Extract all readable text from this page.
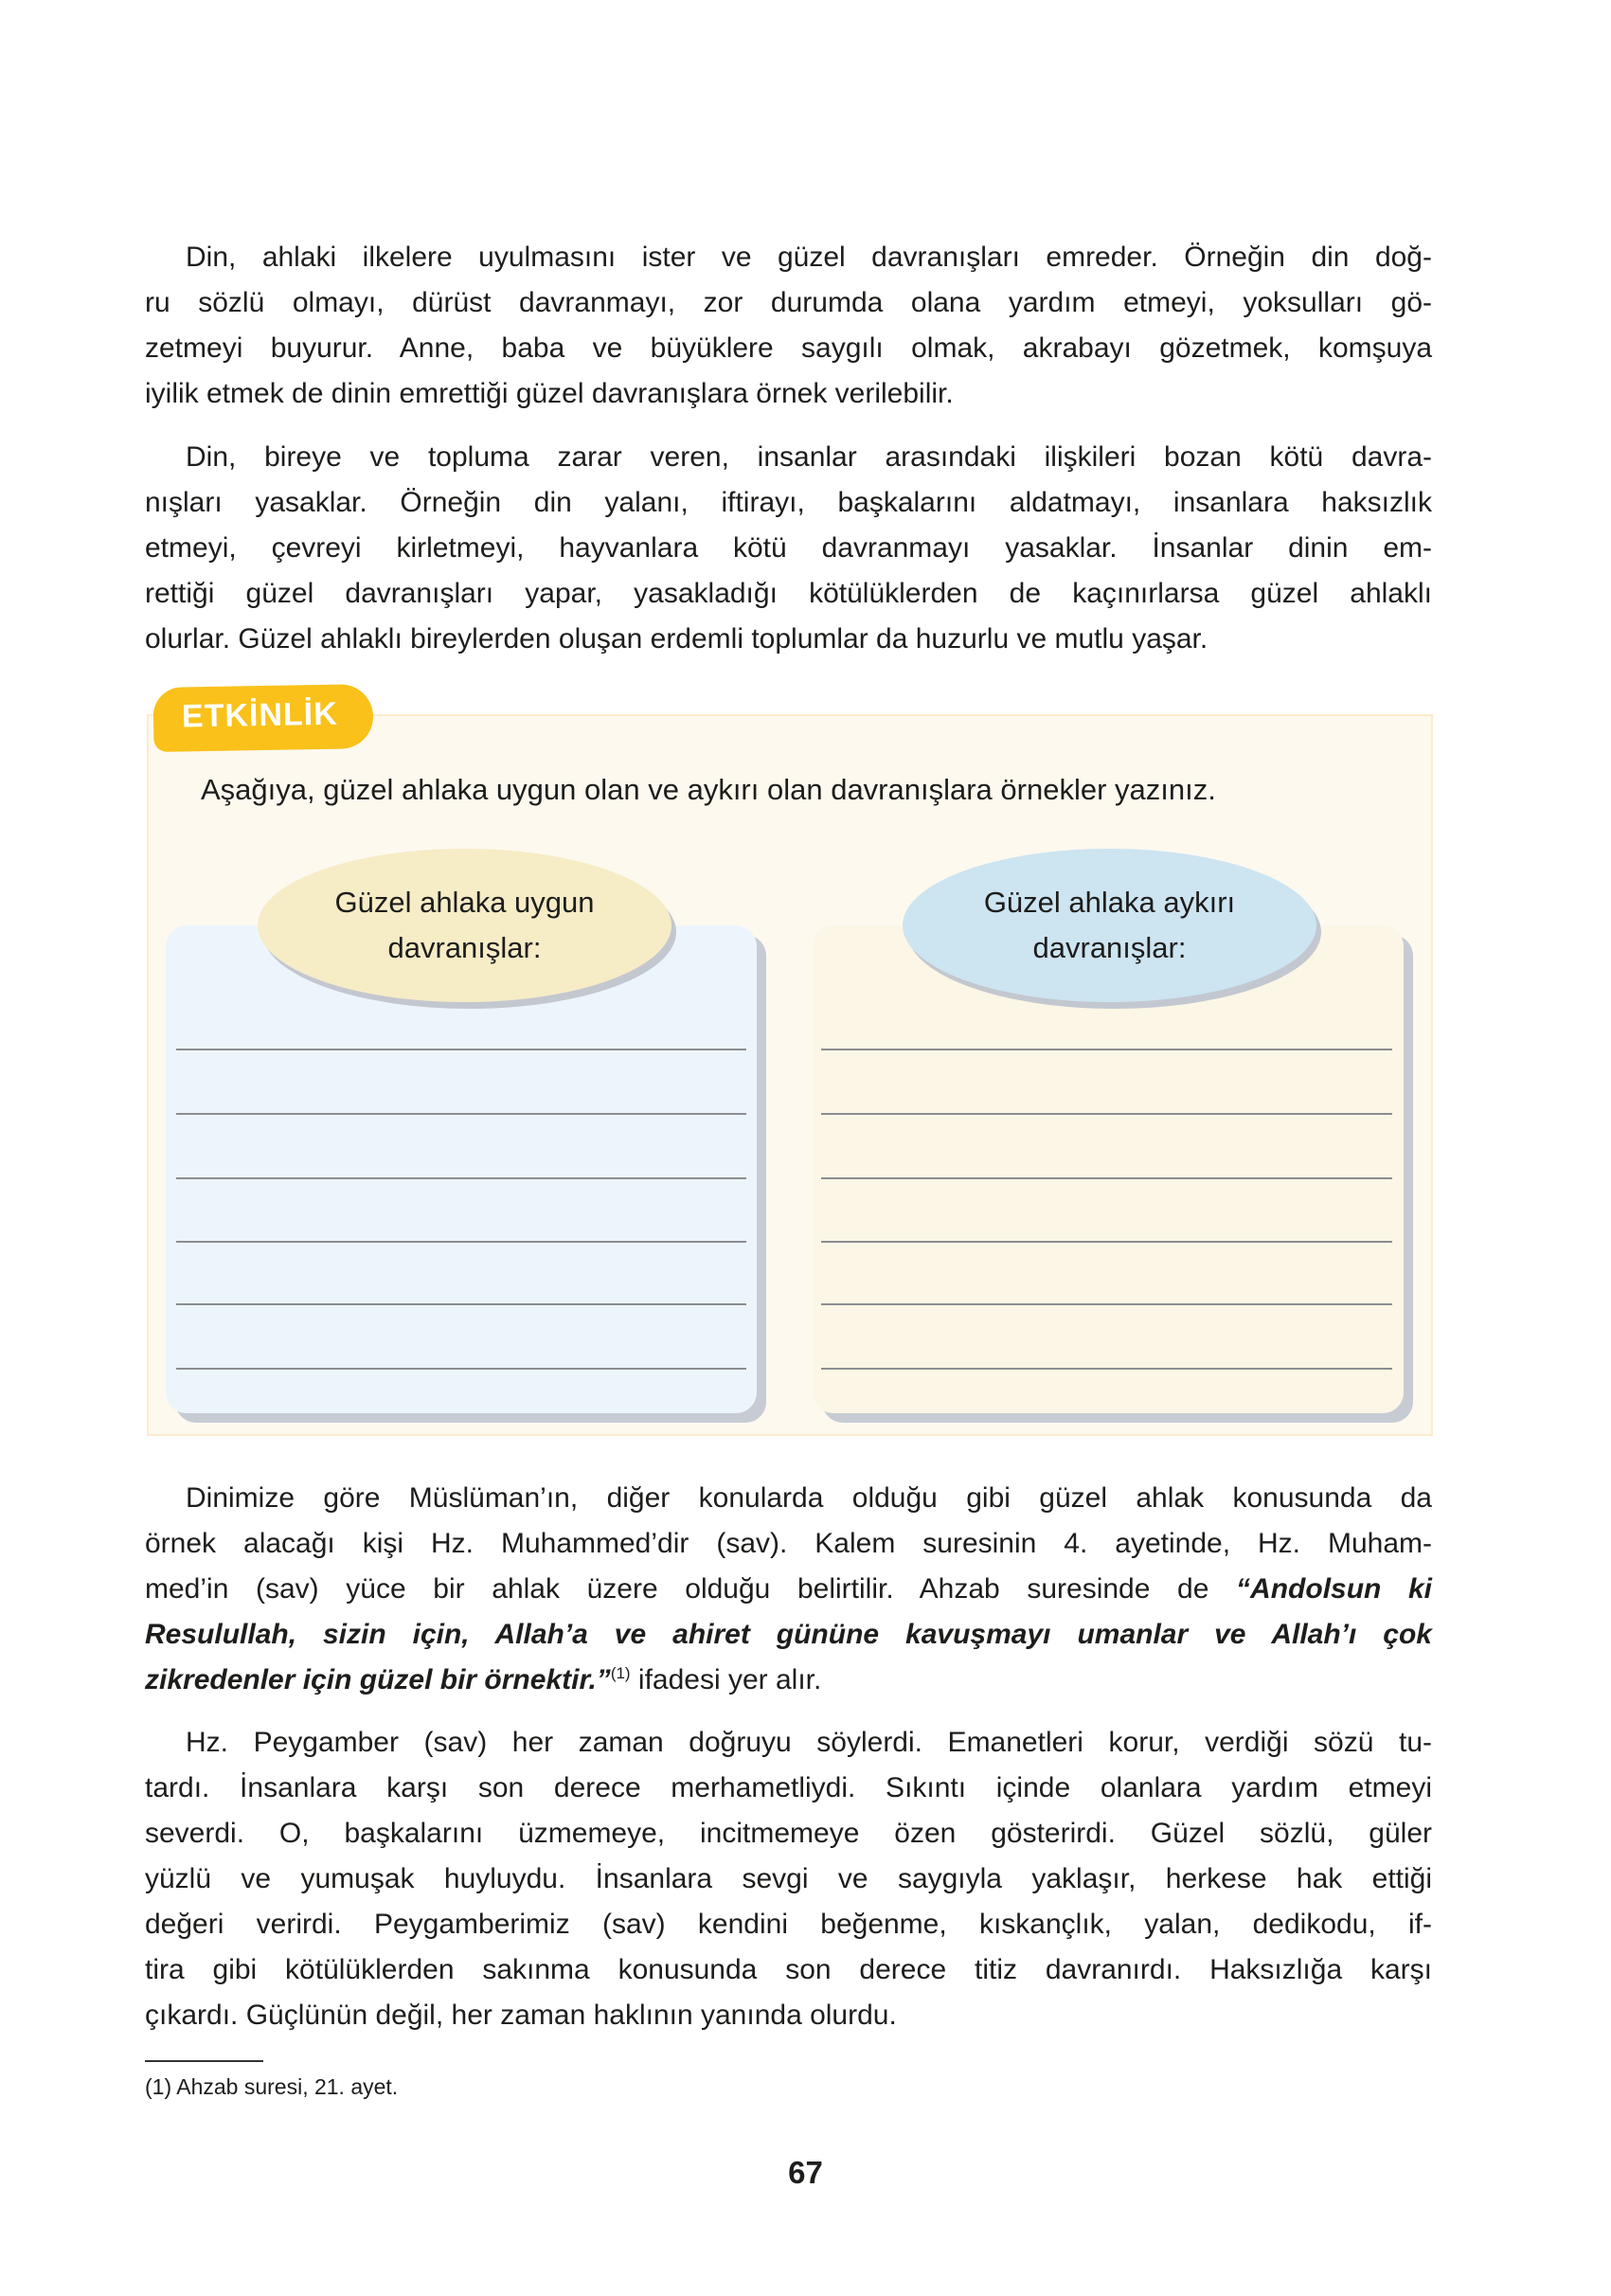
Din, ahlaki ilkelere uyulmasını ister ve güzel davranışları emreder. Örneğin din doğ-
ru sözlü olmayı, dürüst davranmayı, zor durumda olana yardım etmeyi, yoksulları gö-
zetmeyi buyurur. Anne, baba ve büyüklere saygılı olmak, akrabayı gözetmek, komşuya
iyilik etmek de dinin emrettiği güzel davranışlara örnek verilebilir.
Din, bireye ve topluma zarar veren, insanlar arasındaki ilişkileri bozan kötü davra-
nışları yasaklar. Örneğin din yalanı, iftirayı, başkalarını aldatmayı, insanlara haksızlık
etmeyi, çevreyi kirletmeyi, hayvanlara kötü davranmayı yasaklar. İnsanlar dinin em-
rettiği güzel davranışları yapar, yasakladığı kötülüklerden de kaçınırlarsa güzel ahlaklı
olurlar. Güzel ahlaklı bireylerden oluşan erdemli toplumlar da huzurlu ve mutlu yaşar.
ETKİNLİK
Aşağıya, güzel ahlaka uygun olan ve aykırı olan davranışlara örnekler yazınız.
Güzel ahlaka uygun
davranışlar:
Güzel ahlaka aykırı
davranışlar:
Dinimize göre Müslüman’ın, diğer konularda olduğu gibi güzel ahlak konusunda da
örnek alacağı kişi Hz. Muhammed’dir (sav). Kalem suresinin 4. ayetinde, Hz. Muham-
med’in (sav) yüce bir ahlak üzere olduğu belirtilir. Ahzab suresinde de “Andolsun ki
Resulullah, sizin için, Allah’a ve ahiret gününe kavuşmayı umanlar ve Allah’ı çok
zikredenler için güzel bir örnektir.”$^{(1)}$ ifadesi yer alır.
Hz. Peygamber (sav) her zaman doğruyu söylerdi. Emanetleri korur, verdiği sözü tu-
tardı. İnsanlara karşı son derece merhametliydi. Sıkıntı içinde olanlara yardım etmeyi
severdi. O, başkalarını üzmemeye, incitmemeye özen gösterirdi. Güzel sözlü, güler
yüzlü ve yumuşak huyluydu. İnsanlara sevgi ve saygıyla yaklaşır, herkese hak ettiği
değeri verirdi. Peygamberimiz (sav) kendini beğenme, kıskançlık, yalan, dedikodu, if-
tira gibi kötülüklerden sakınma konusunda son derece titiz davranırdı. Haksızlığa karşı
çıkardı. Güçlünün değil, her zaman haklının yanında olurdu.
(1) Ahzab suresi, 21. ayet.
67
